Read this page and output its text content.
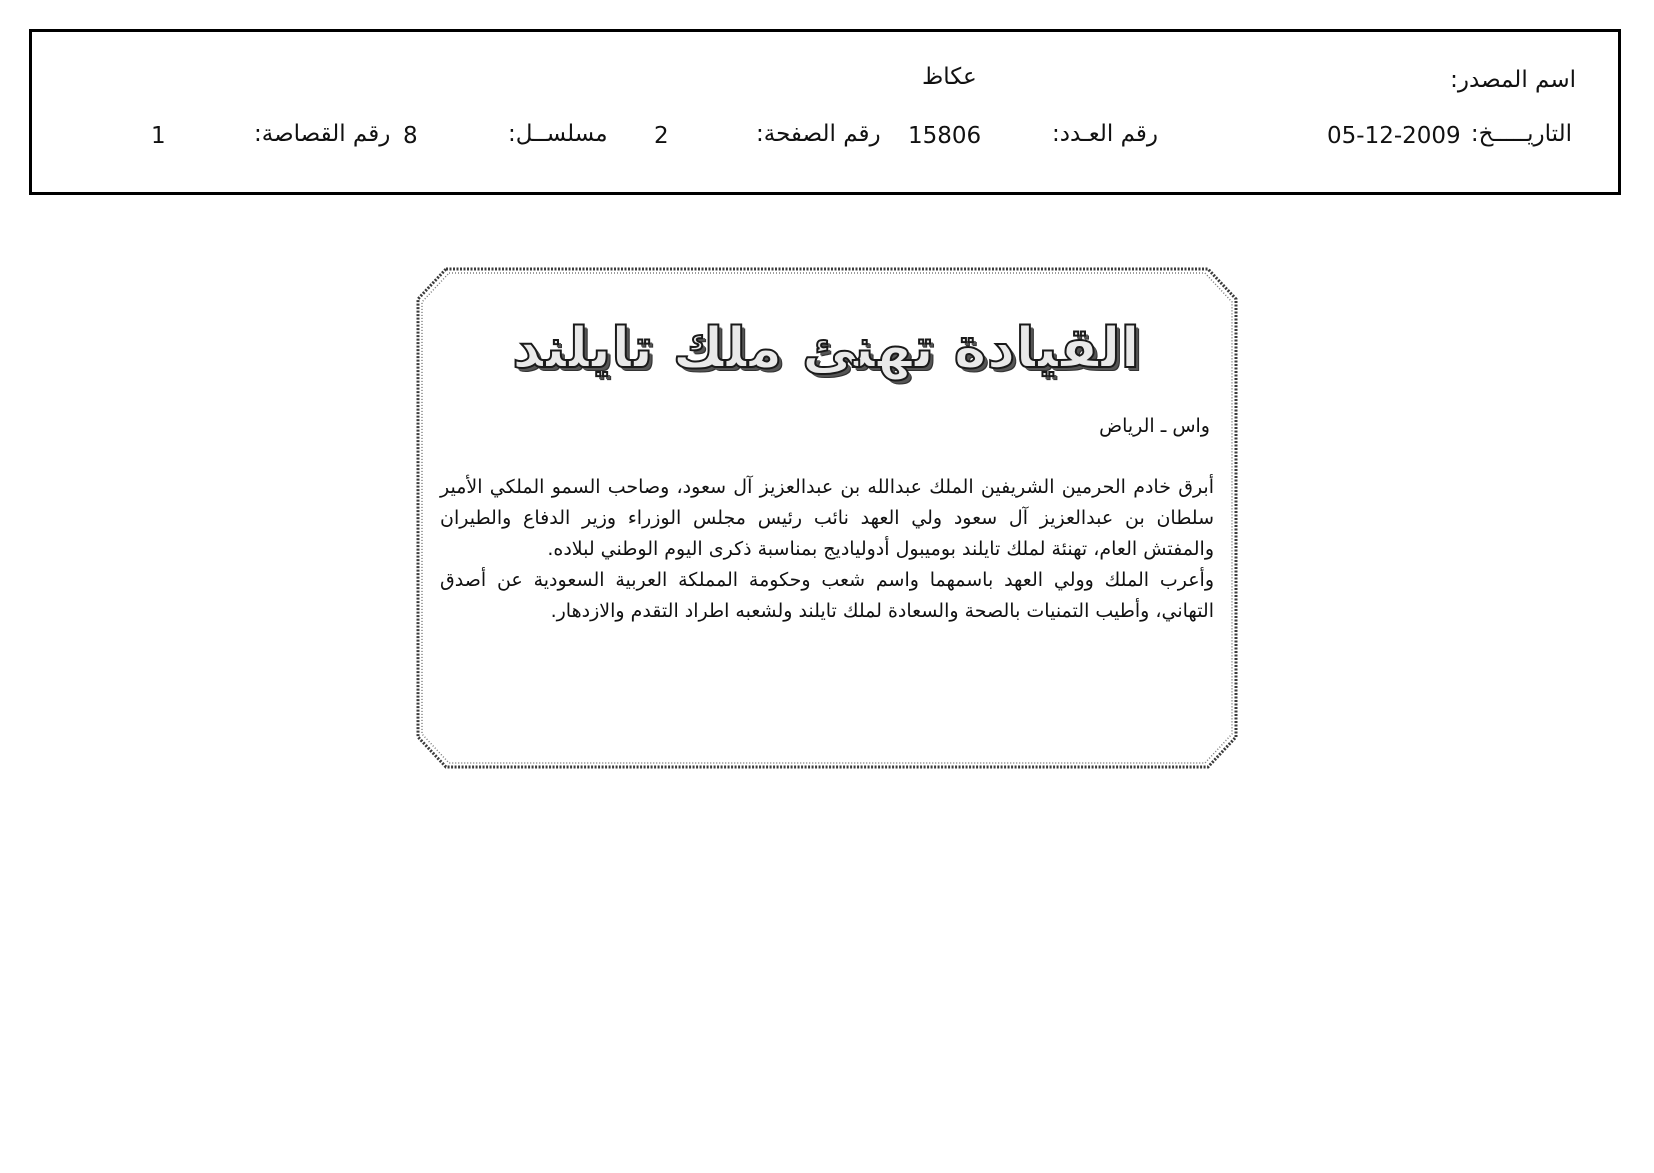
اسم المصدر:
عكاظ
التاريـــــخ:
05-12-2009
رقم العـدد:
15806
رقم الصفحة:
2
مسلســل:
8
رقم القصاصة:
1
القيادة تهنئ ملك تايلند
واس ـ الرياض

أبرق خادم الحرمين الشريفين الملك عبدالله بن عبدالعزيز آل سعود، وصاحب السمو الملكي الأمير سلطان بن عبدالعزيز آل سعود ولي العهد نائب رئيس مجلس الوزراء وزير الدفاع والطيران والمفتش العام، تهنئة لملك تايلند بوميبول أدوليادیج بمناسبة ذكرى اليوم الوطني لبلاده.

وأعرب الملك وولي العهد باسمهما واسم شعب وحكومة المملكة العربية السعودية عن أصدق التهاني، وأطيب التمنيات بالصحة والسعادة لملك تايلند ولشعبه اطراد التقدم والازدهار.
